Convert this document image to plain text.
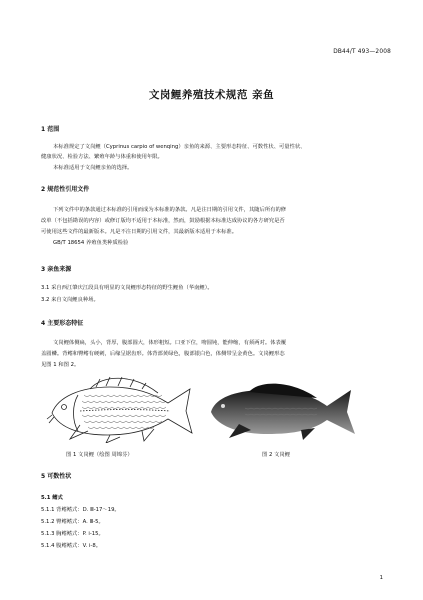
DB44/T 493—2008
文岗鲤养殖技术规范 亲鱼
1 范围
本标准规定了文岗鲤（Cyprinus carpio of wenqing）亲鱼的来源、主要形态特征、可数性状、可量性状、
健康状况、检验方法、繁殖年龄与体重和使用年限。
本标准适用于文岗鲤亲鱼的选择。
2 规范性引用文件
下列文件中的条款通过本标准的引用而成为本标准的条款。凡是注日期的引用文件，其随后所有的修
改单（不包括勘误的内容）或修订版均不适用于本标准，然而，鼓励根据本标准达成协议的各方研究是否
可使用这些文件的最新版本。凡是不注日期的引用文件，其最新版本适用于本标准。
GB/T 18654 养殖鱼类种质检验
3 亲鱼来源
3.1 采自西江肇庆江段具有明显的文岗鲤形态特征的野生鲤鱼（华南鲤）。
3.2 来自文岗鲤良种场。
4 主要形态特征
文岗鲤体侧扁，头小，背厚，腹部圆大，体形粗短。口亚下位，吻圆钝，能伸缩，有须两对。体表覆
盖圆鳞。背鳍和臀鳍有硬刺，后缘呈锯齿形。体背部黄绿色，腹部银白色，体侧带呈金黄色。文岗鲤形态
见图 1 和图 2。
图 1 文岗鲤（绘图 周锦芬）	图 2 文岗鲤
5 可数性状
5.1 鳍式
5.1.1 背鳍鳍式：D. Ⅲ-17～19。
5.1.2 臀鳍鳍式：A. Ⅲ-5。
5.1.3 胸鳍鳍式：P. ⅰ-15。
5.1.4 腹鳍鳍式：V. ⅰ-8。
1
